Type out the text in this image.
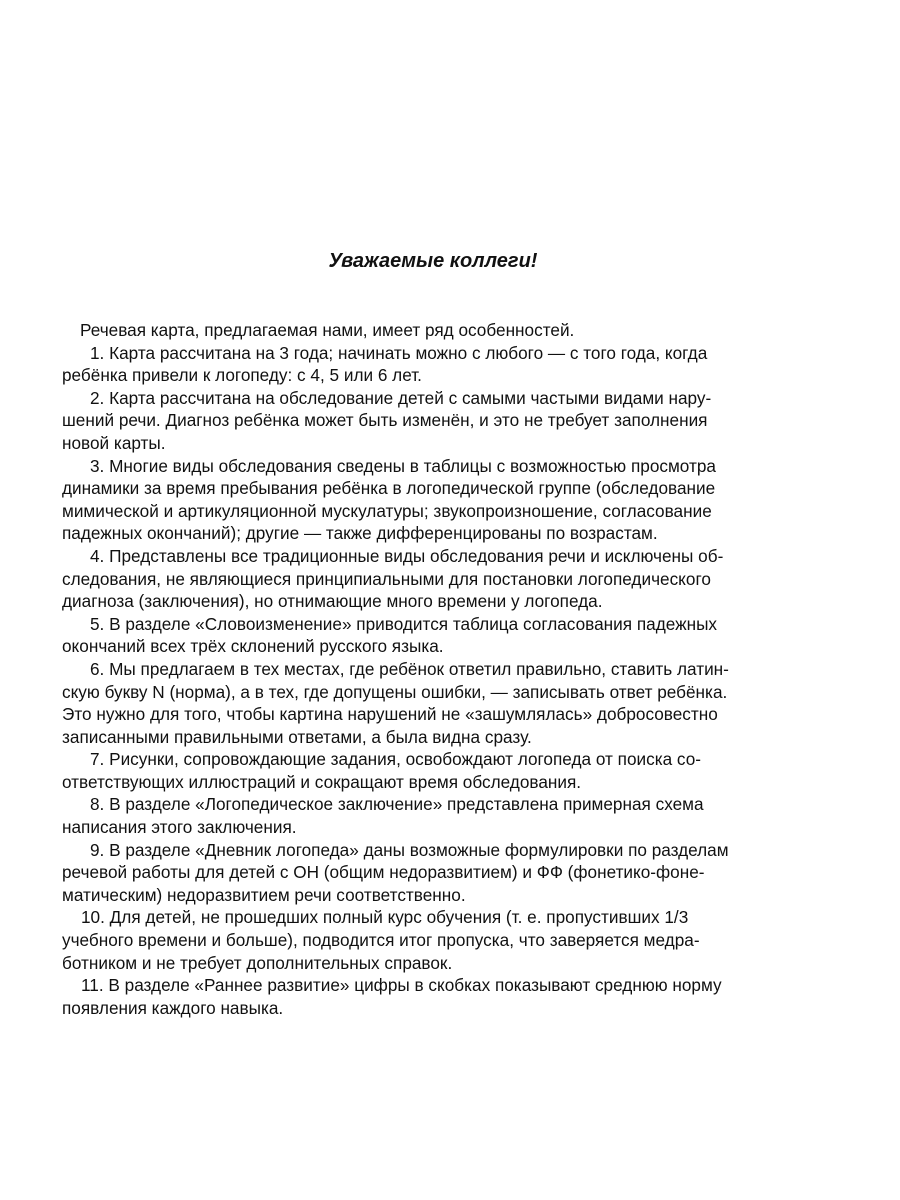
Уважаемые коллеги!

Речевая карта, предлагаемая нами, имеет ряд особенностей.

1. Карта рассчитана на 3 года; начинать можно с любого — с того года, когда
ребёнка привели к логопеду: с 4, 5 или 6 лет.

2. Карта рассчитана на обследование детей с самыми частыми видами нару-
шений речи. Диагноз ребёнка может быть изменён, и это не требует заполнения
новой карты.

3. Многие виды обследования сведены в таблицы с возможностью просмотра
динамики за время пребывания ребёнка в логопедической группе (обследование
мимической и артикуляционной мускулатуры; звукопроизношение, согласование
падежных окончаний); другие — также дифференцированы по возрастам.

4. Представлены все традиционные виды обследования речи и исключены об-
следования, не являющиеся принципиальными для постановки логопедического
диагноза (заключения), но отнимающие много времени у логопеда.

5. В разделе «Словоизменение» приводится таблица согласования падежных
окончаний всех трёх склонений русского языка.

6. Мы предлагаем в тех местах, где ребёнок ответил правильно, ставить латин-
скую букву N (норма), а в тех, где допущены ошибки, — записывать ответ ребёнка.
Это нужно для того, чтобы картина нарушений не «зашумлялась» добросовестно
записанными правильными ответами, а была видна сразу.

7. Рисунки, сопровождающие задания, освобождают логопеда от поиска со-
ответствующих иллюстраций и сокращают время обследования.

8. В разделе «Логопедическое заключение» представлена примерная схема
написания этого заключения.

9. В разделе «Дневник логопеда» даны возможные формулировки по разделам
речевой работы для детей с ОН (общим недоразвитием) и ФФ (фонетико-фоне-
матическим) недоразвитием речи соответственно.

10. Для детей, не прошедших полный курс обучения (т. е. пропустивших 1/3
учебного времени и больше), подводится итог пропуска, что заверяется медра-
ботником и не требует дополнительных справок.

11. В разделе «Раннее развитие» цифры в скобках показывают среднюю норму
появления каждого навыка.
